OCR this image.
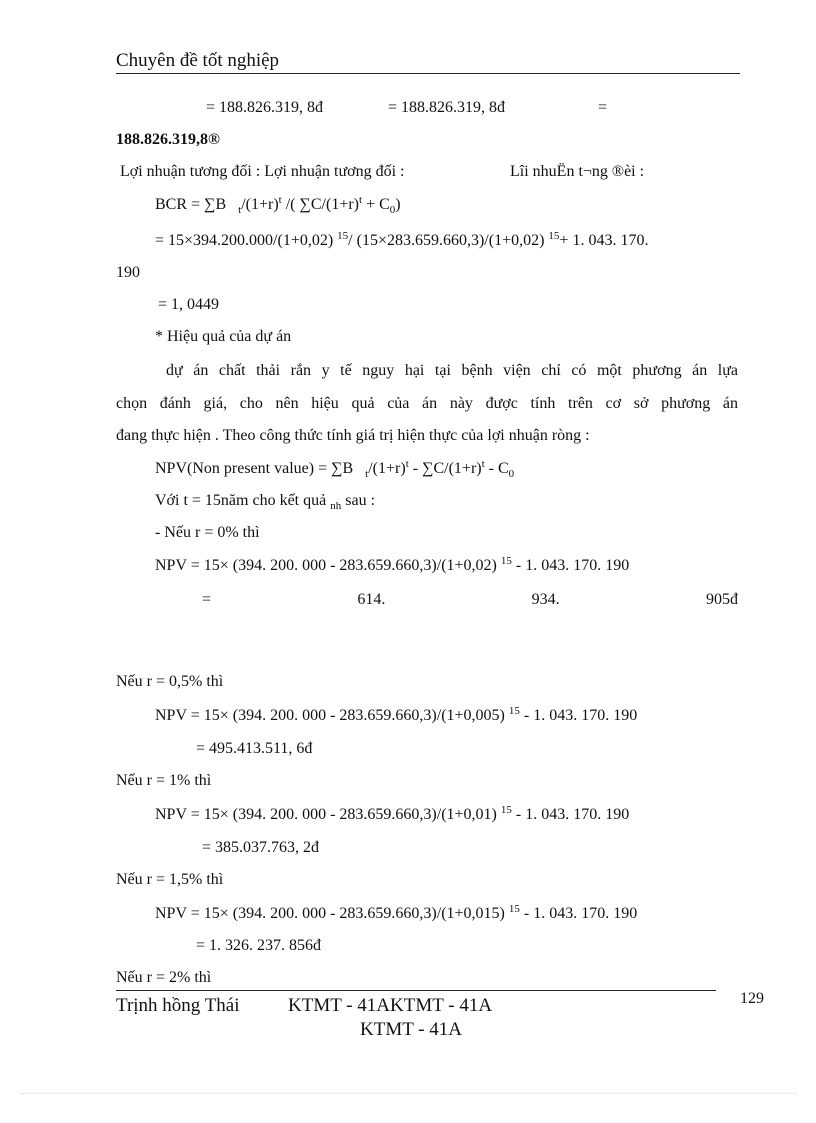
Chuyên đề tốt nghiệp
= 188.826.319, 8đ	= 188.826.319, 8đ	=
188.826.319,8®
Lợi nhuận tương đối : Lợi nhuận tương đối :	Lîi nhuËn t¬ng ®èi :
BCR = ∑B $_t/(1+r)^t$ /( $\sum C/(1+r)^t + C_0$)
= 15×394.200.000/(1+0,02) $^{15}$/ (15×283.659.660,3)/(1+0,02) $^{15}$+ 1. 043. 170.
190
= 1, 0449
* Hiệu quả của dự án
dự án chất thải rắn y tế nguy hại tại bệnh viện chỉ có một phương án lựa
chọn đánh giá, cho nên hiệu quả của án này được tính trên cơ sở phương án
đang thực hiện . Theo công thức tính giá trị hiện thực của lợi nhuận ròng :
NPV(Non present value) = ∑B $_t/(1+r)^t - \sum C/(1+r)^t - C_0$
Với t = 15năm cho kết quả $_{nh}$ sau :
- Nếu r = 0% thì
NPV = 15× (394. 200. 000 - 283.659.660,3)/(1+0,02) $^{15}$ - 1. 043. 170. 190
=	614.	934.	905đ
Nếu r = 0,5% thì
NPV = 15× (394. 200. 000 - 283.659.660,3)/(1+0,005) $^{15}$ - 1. 043. 170. 190
= 495.413.511, 6đ
Nếu r = 1% thì
NPV = 15× (394. 200. 000 - 283.659.660,3)/(1+0,01) $^{15}$ - 1. 043. 170. 190
= 385.037.763, 2đ
Nếu r = 1,5% thì
NPV = 15× (394. 200. 000 - 283.659.660,3)/(1+0,015) $^{15}$ - 1. 043. 170. 190
= 1. 326. 237. 856đ
Nếu r = 2% thì
Trịnh hồng Thái	KTMT - 41AKTMT - 41A
KTMT - 41A
129
